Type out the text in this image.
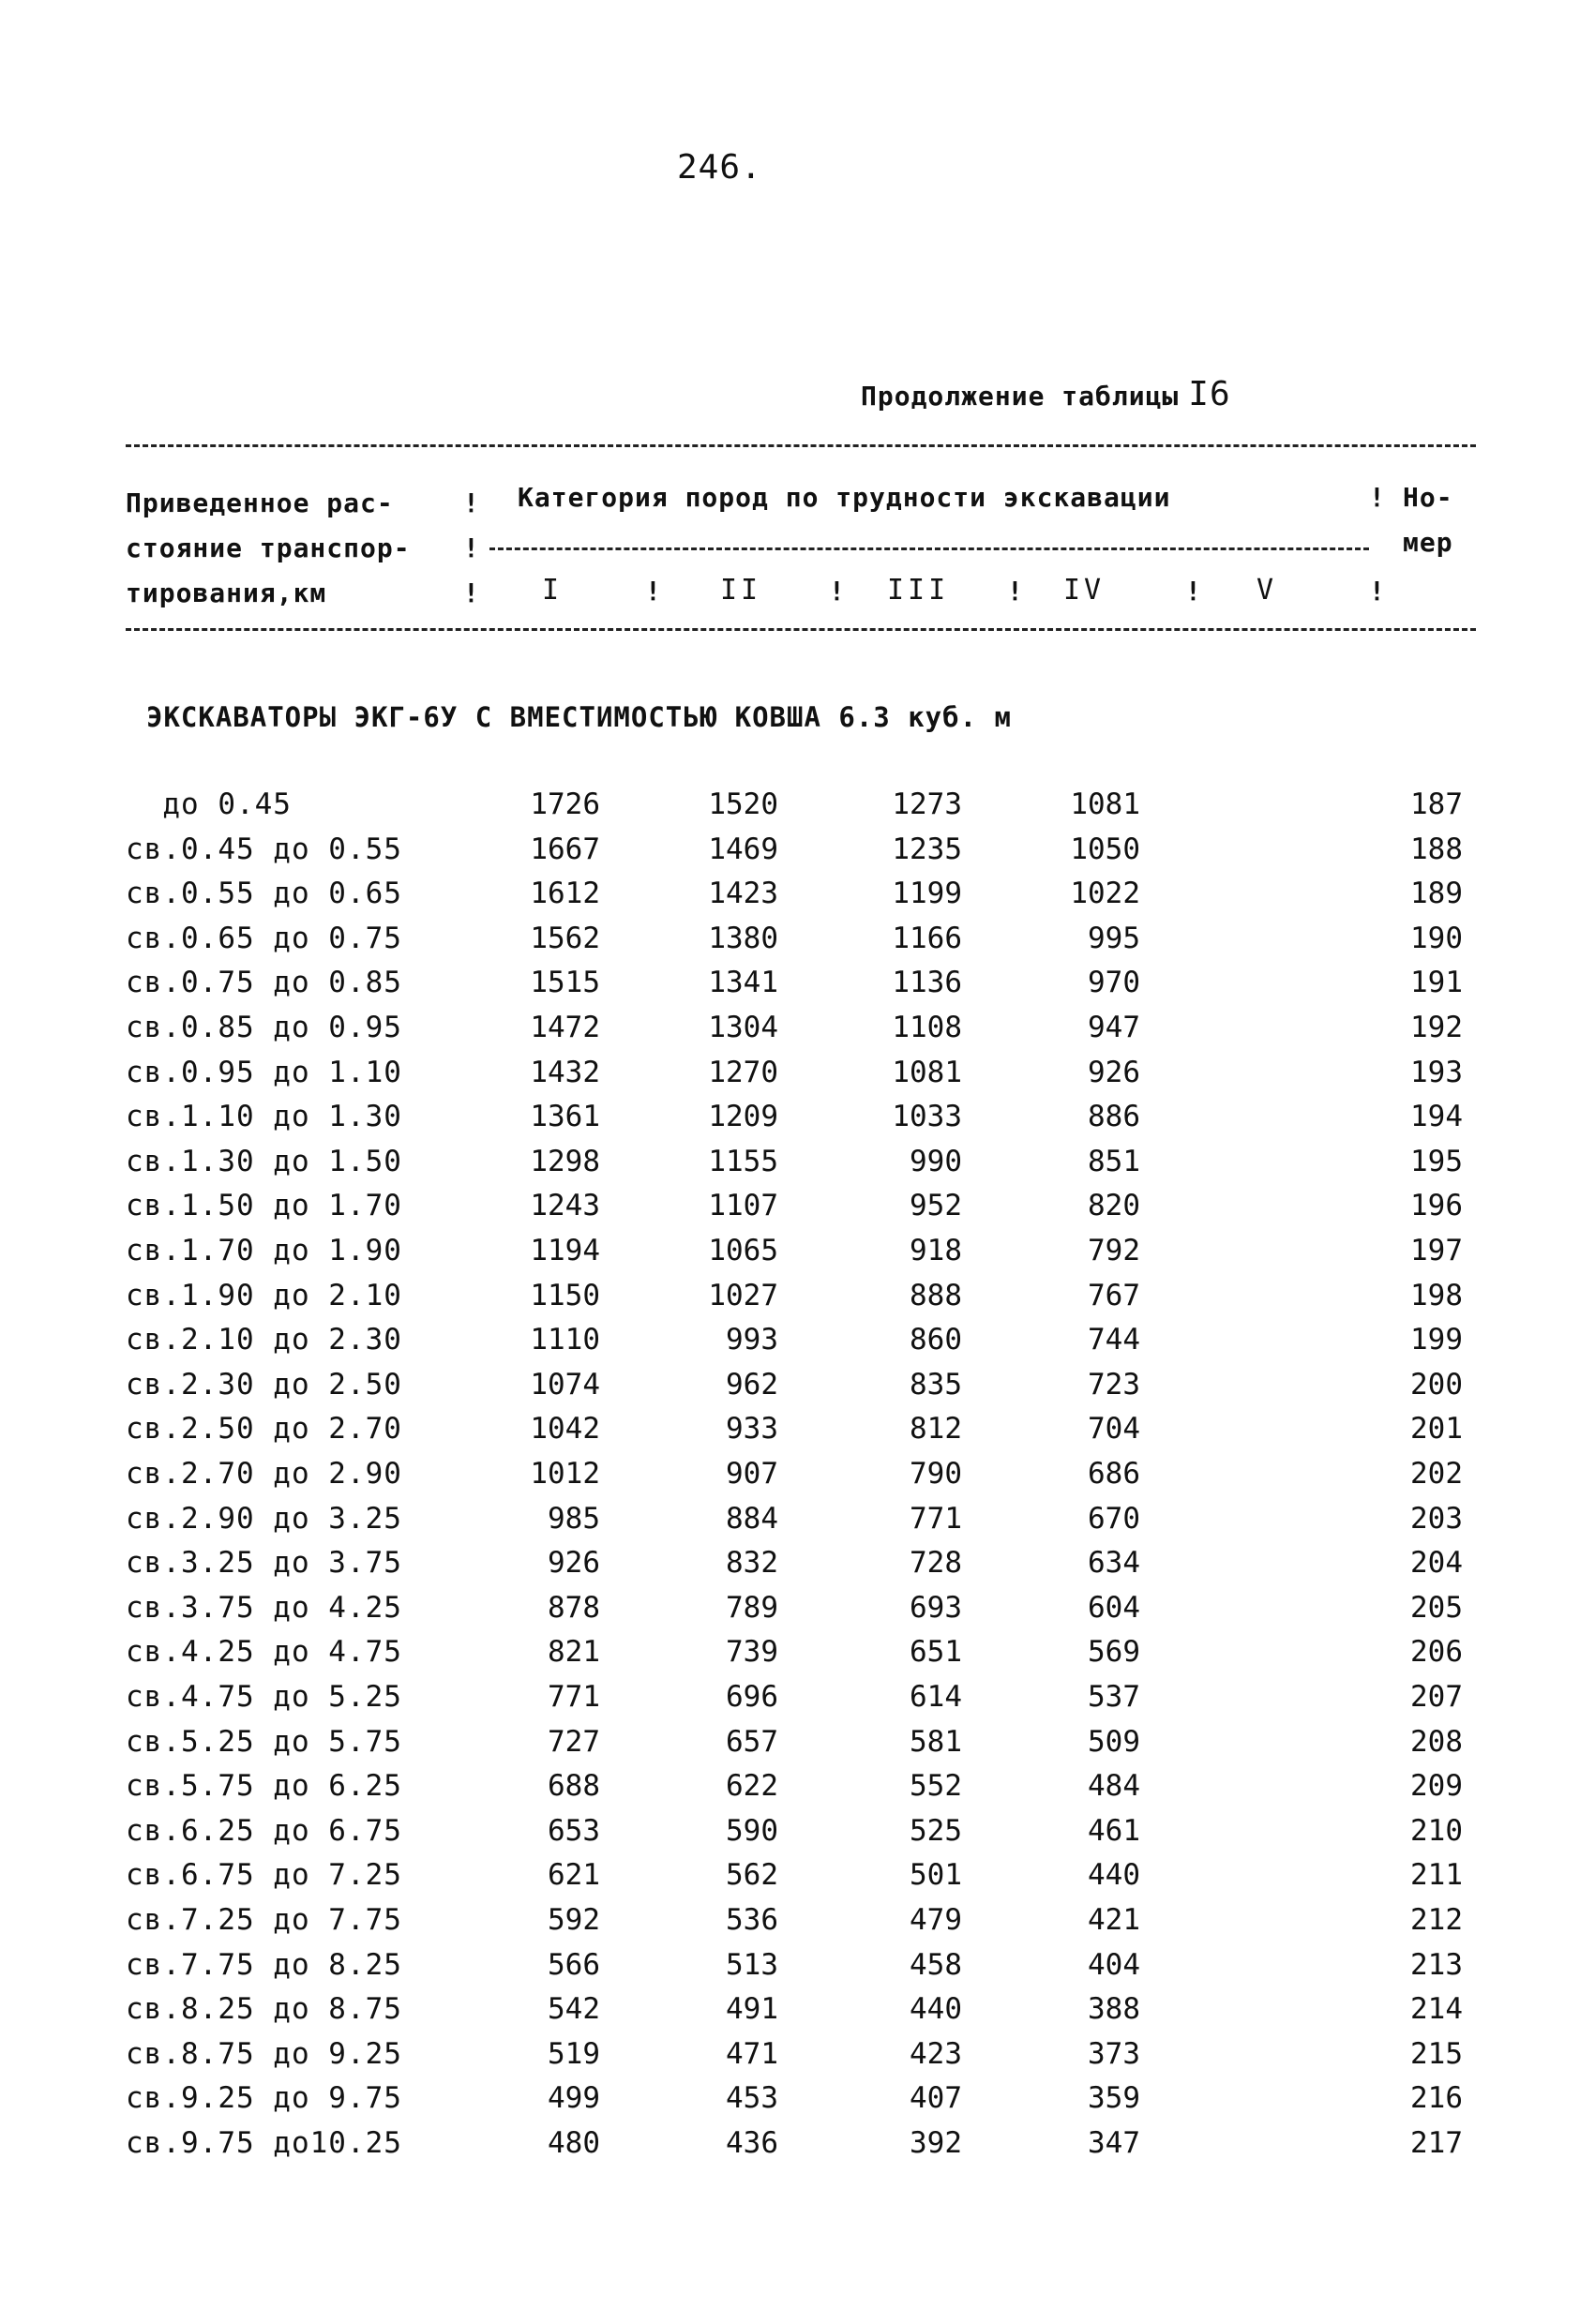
246.
Продолжение таблицы I6
Приведенное рас-
стояние транспор-
тирования,км
!
!
!
Категория пород по трудности экскавации	! Но-
мер
I	! II	! III ! IV	! V	!
ЭКСКАВАТОРЫ ЭКГ-6У С ВМЕСТИМОСТЬЮ КОВША 6.3 куб. м
до 0.45	1726	1520	1273	1081	187
св.0.45 до 0.55	1667	1469	1235	1050	188
св.0.55 до 0.65	1612	1423	1199	1022	189
св.0.65 до 0.75	1562	1380	1166	995	190
св.0.75 до 0.85	1515	1341	1136	970	191
св.0.85 до 0.95	1472	1304	1108	947	192
св.0.95 до 1.10	1432	1270	1081	926	193
св.1.10 до 1.30	1361	1209	1033	886	194
св.1.30 до 1.50	1298	1155	990	851	195
св.1.50 до 1.70	1243	1107	952	820	196
св.1.70 до 1.90	1194	1065	918	792	197
св.1.90 до 2.10	1150	1027	888	767	198
св.2.10 до 2.30	1110	993	860	744	199
св.2.30 до 2.50	1074	962	835	723	200
св.2.50 до 2.70	1042	933	812	704	201
св.2.70 до 2.90	1012	907	790	686	202
св.2.90 до 3.25	985	884	771	670	203
св.3.25 до 3.75	926	832	728	634	204
св.3.75 до 4.25	878	789	693	604	205
св.4.25 до 4.75	821	739	651	569	206
св.4.75 до 5.25	771	696	614	537	207
св.5.25 до 5.75	727	657	581	509	208
св.5.75 до 6.25	688	622	552	484	209
св.6.25 до 6.75	653	590	525	461	210
св.6.75 до 7.25	621	562	501	440	211
св.7.25 до 7.75	592	536	479	421	212
св.7.75 до 8.25	566	513	458	404	213
св.8.25 до 8.75	542	491	440	388	214
св.8.75 до 9.25	519	471	423	373	215
св.9.25 до 9.75	499	453	407	359	216
св.9.75 до10.25	480	436	392	347	217
